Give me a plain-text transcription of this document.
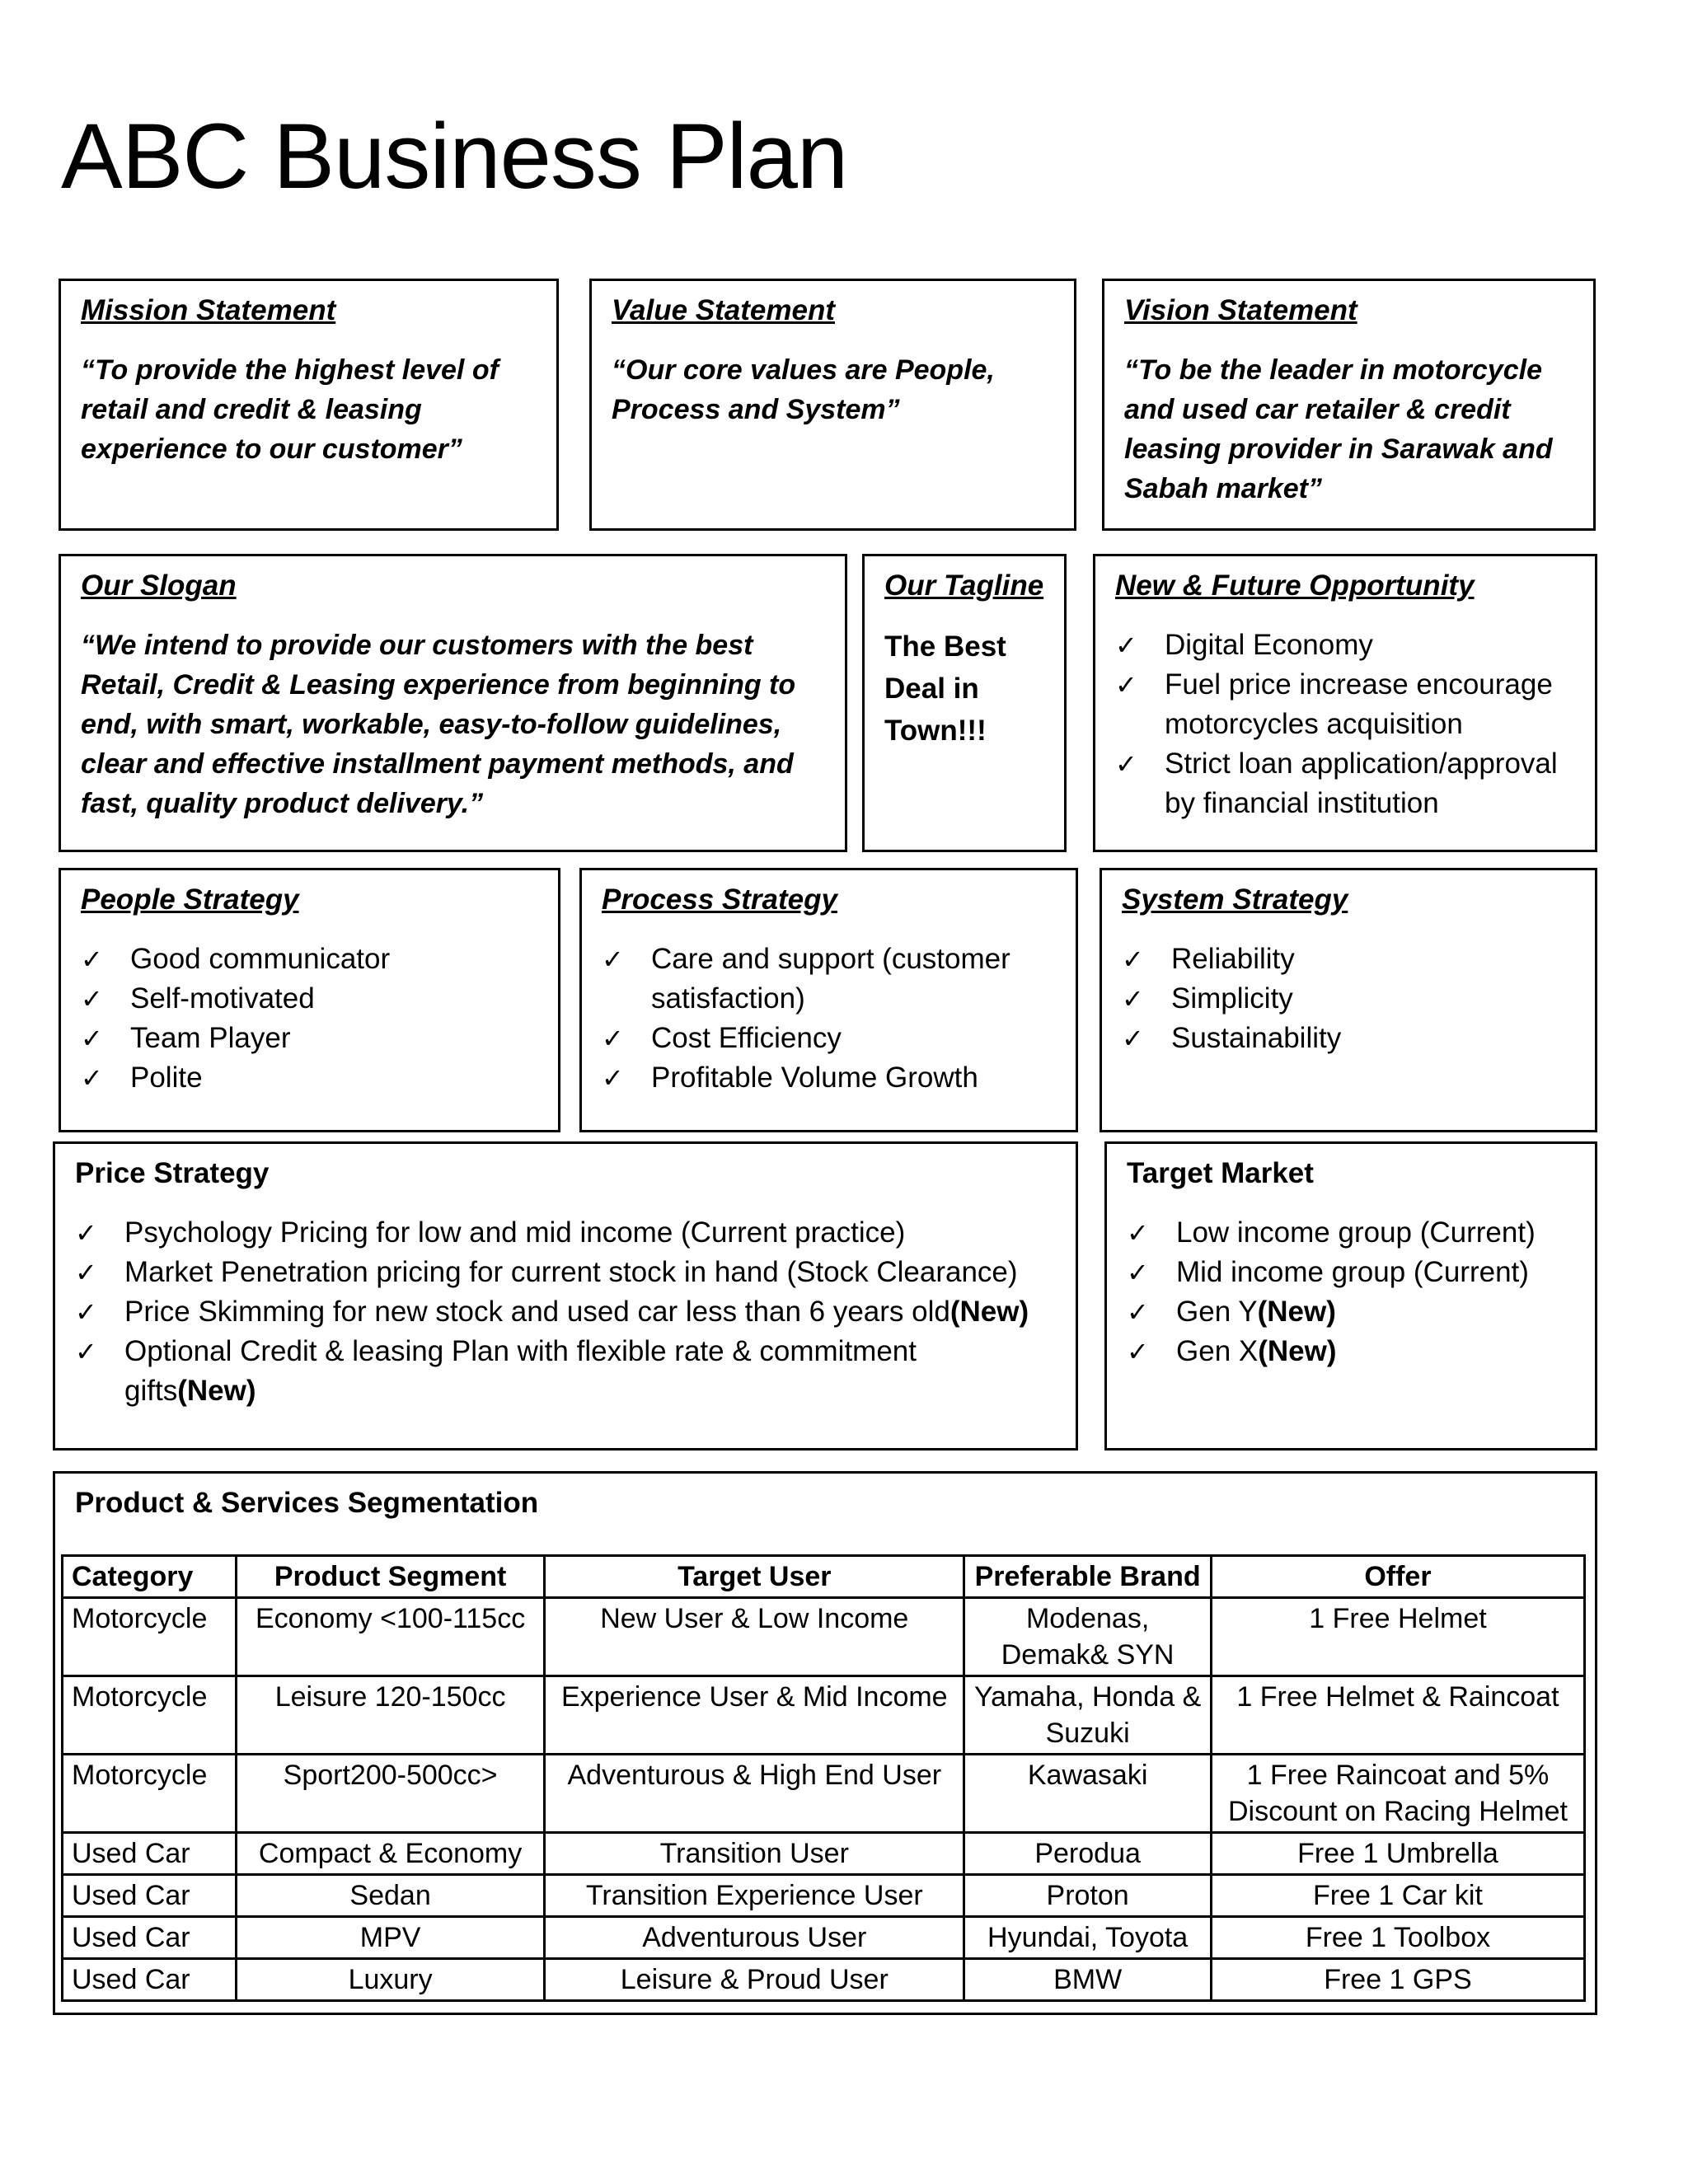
ABC Business Plan
Mission Statement
“To provide the highest level of retail and credit & leasing experience to our customer”
Value Statement
“Our core values are People, Process and System”
Vision Statement
“To be the leader in motorcycle and used car retailer & credit leasing provider in Sarawak and Sabah market”
Our Slogan
“We intend to provide our customers with the best Retail, Credit & Leasing experience from beginning to end, with smart, workable, easy-to-follow guidelines, clear and effective installment payment methods, and fast, quality product delivery.”
Our Tagline
The Best Deal in Town!!!
New & Future Opportunity
✓ Digital Economy
✓ Fuel price increase encourage motorcycles acquisition
✓ Strict loan application/approval by financial institution
People Strategy
✓ Good communicator
✓ Self-motivated
✓ Team Player
✓ Polite
Process Strategy
✓ Care and support (customer satisfaction)
✓ Cost Efficiency
✓ Profitable Volume Growth
System Strategy
✓ Reliability
✓ Simplicity
✓ Sustainability
Price Strategy
✓ Psychology Pricing for low and mid income (Current practice)
✓ Market Penetration pricing for current stock in hand (Stock Clearance)
✓ Price Skimming for new stock and used car less than 6 years old(New)
✓ Optional Credit & leasing Plan with flexible rate & commitment gifts(New)
Target Market
✓ Low income group (Current)
✓ Mid income group (Current)
✓ Gen Y(New)
✓ Gen X(New)
Product & Services Segmentation
Category	Product Segment	Target User	Preferable Brand	Offer
Motorcycle	Economy <100-115cc	New User & Low Income	Modenas, Demak& SYN	1 Free Helmet
Motorcycle	Leisure 120-150cc	Experience User & Mid Income	Yamaha, Honda & Suzuki	1 Free Helmet & Raincoat
Motorcycle	Sport200-500cc>	Adventurous & High End User	Kawasaki	1 Free Raincoat and 5% Discount on Racing Helmet
Used Car	Compact & Economy	Transition User	Perodua	Free 1 Umbrella
Used Car	Sedan	Transition Experience User	Proton	Free 1 Car kit
Used Car	MPV	Adventurous User	Hyundai, Toyota	Free 1 Toolbox
Used Car	Luxury	Leisure & Proud User	BMW	Free 1 GPS
